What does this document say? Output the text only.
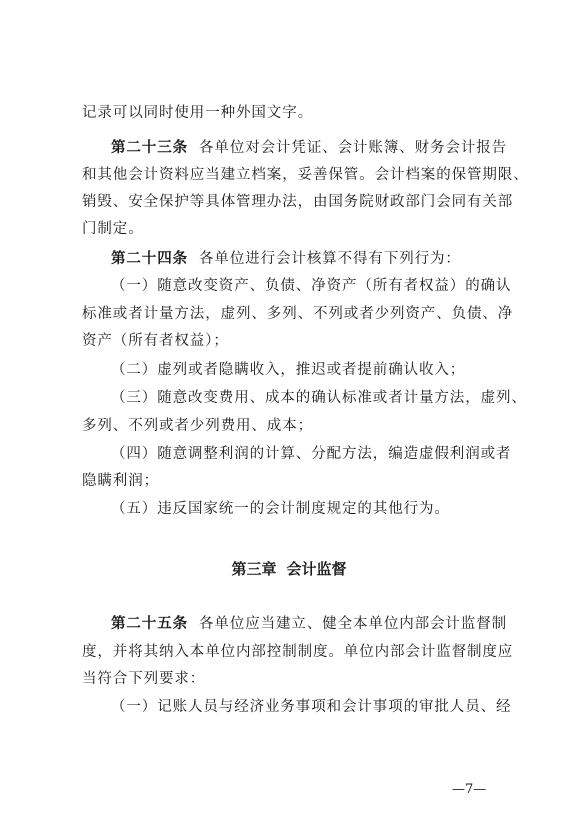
记录可以同时使用一种外国文字。
第二十三条 各单位对会计凭证、会计账簿、财务会计报告
和其他会计资料应当建立档案，妥善保管。会计档案的保管期限、
销毁、安全保护等具体管理办法，由国务院财政部门会同有关部
门制定。
第二十四条 各单位进行会计核算不得有下列行为：
（一）随意改变资产、负债、净资产（所有者权益）的确认
标准或者计量方法，虚列、多列、不列或者少列资产、负债、净
资产（所有者权益）；
（二）虚列或者隐瞒收入，推迟或者提前确认收入；
（三）随意改变费用、成本的确认标准或者计量方法，虚列、
多列、不列或者少列费用、成本；
（四）随意调整利润的计算、分配方法，编造虚假利润或者
隐瞒利润；
（五）违反国家统一的会计制度规定的其他行为。
第三章 会计监督
第二十五条 各单位应当建立、健全本单位内部会计监督制
度，并将其纳入本单位内部控制制度。单位内部会计监督制度应
当符合下列要求：
（一）记账人员与经济业务事项和会计事项的审批人员、经
—7—
